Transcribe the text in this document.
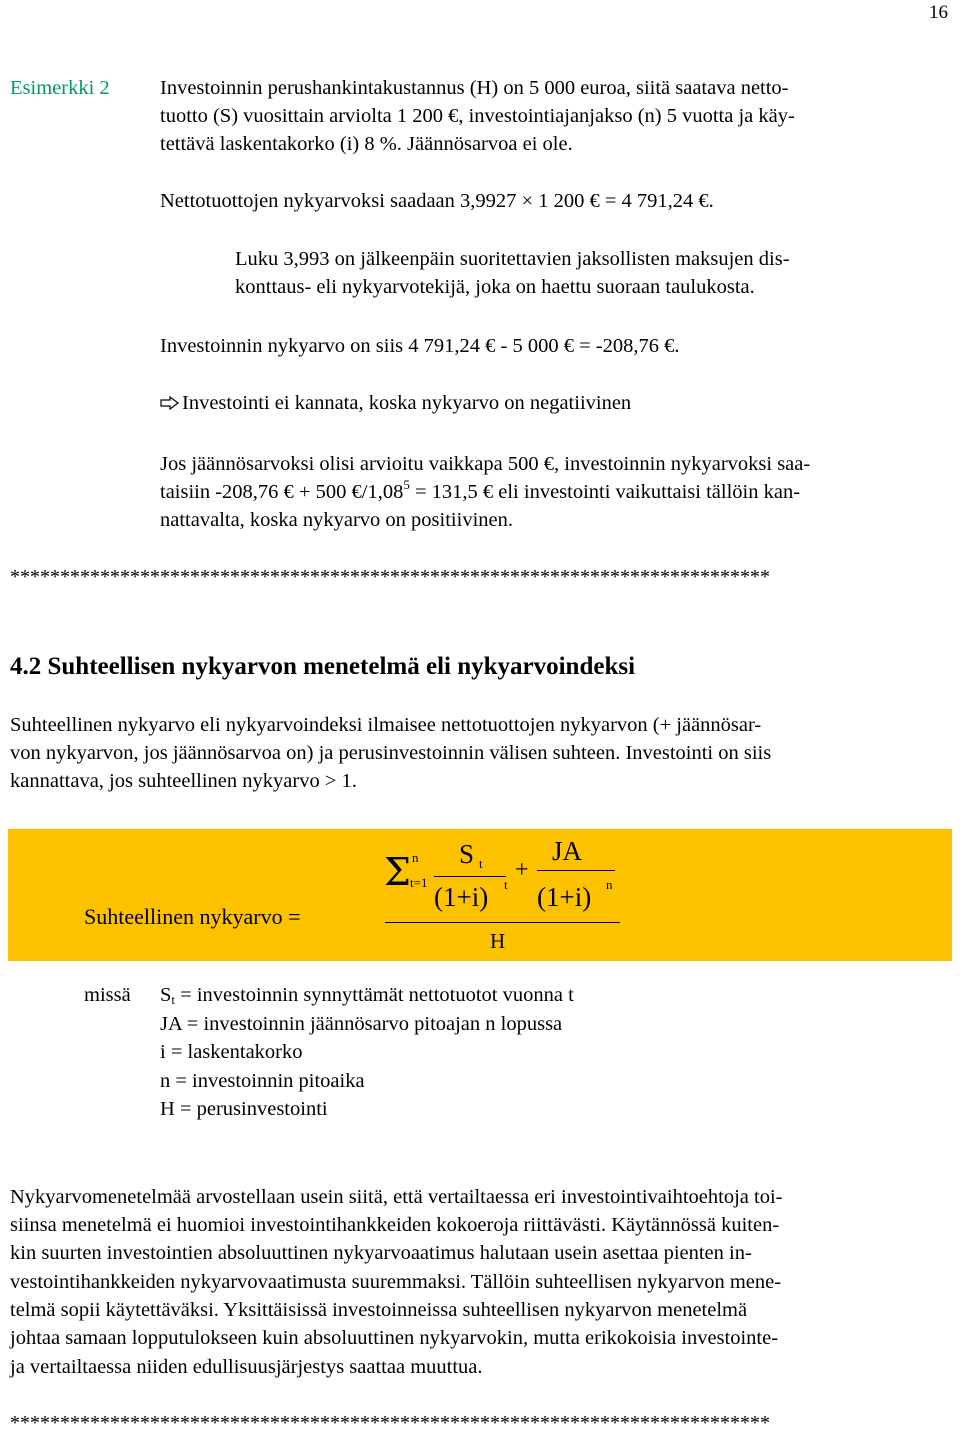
16
Esimerkki 2 Investoinnin perushankintakustannus (H) on 5 000 euroa, siitä saatava netto-
tuotto (S) vuosittain arviolta 1 200 €, investointiajanjakso (n) 5 vuotta ja käy-
tettävä laskentakorko (i) 8 %. Jäännösarvoa ei ole.
Nettotuottojen nykyarvoksi saadaan 3,9927 × 1 200 € = 4 791,24 €.
Luku 3,993 on jälkeenpäin suoritettavien jaksollisten maksujen dis-
konttaus- eli nykyarvotekijä, joka on haettu suoraan taulukosta.
Investoinnin nykyarvo on siis 4 791,24 € - 5 000 € = -208,76 €.
Investointi ei kannata, koska nykyarvo on negatiivinen
Jos jäännösarvoksi olisi arvioitu vaikkapa 500 €, investoinnin nykyarvoksi saa-
taisiin -208,76 € + 500 $€/1,08^5 = 131,5$ € eli investointi vaikuttaisi tällöin kan-
nattavalta, koska nykyarvo on positiivinen.
****************************************************************************
4.2 Suhteellisen nykyarvon menetelmä eli nykyarvoindeksi
Suhteellinen nykyarvo eli nykyarvoindeksi ilmaisee nettotuottojen nykyarvon (+ jäännösar-
von nykyarvon, jos jäännösarvoa on) ja perusinvestoinnin välisen suhteen. Investointi on siis
kannattava, jos suhteellinen nykyarvo > 1.
Suhteellinen nykyarvo =
Σ n
t=1
S t
(1+i) t
+
JA
(1+i) n
H
missä St = investoinnin synnyttämät nettotuotot vuonna t
JA = investoinnin jäännösarvo pitoajan n lopussa
i = laskentakorko
n = investoinnin pitoaika
H = perusinvestointi
Nykyarvomenetelmää arvostellaan usein siitä, että vertailtaessa eri investointivaihtoehtoja toi-
siinsa menetelmä ei huomioi investointihankkeiden kokoeroja riittävästi. Käytännössä kuiten-
kin suurten investointien absoluuttinen nykyarvoaatimus halutaan usein asettaa pienten in-
vestointihankkeiden nykyarvovaatimusta suuremmaksi. Tällöin suhteellisen nykyarvon mene-
telmä sopii käytettäväksi. Yksittäisissä investoinneissa suhteellisen nykyarvon menetelmä
johtaa samaan lopputulokseen kuin absoluuttinen nykyarvokin, mutta erikokoisia investointe-
ja vertailtaessa niiden edullisuusjärjestys saattaa muuttua.
****************************************************************************
